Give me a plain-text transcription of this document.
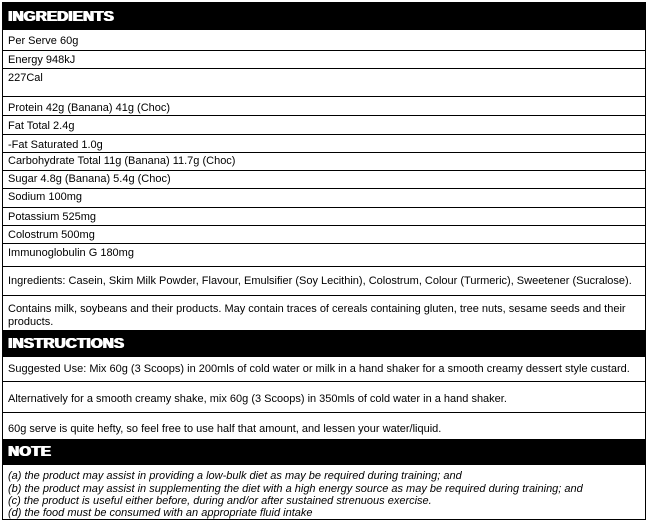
INGREDIENTS
Per Serve 60g
Energy 948kJ
227Cal
Protein 42g (Banana) 41g (Choc)
Fat Total 2.4g
-Fat Saturated 1.0g
Carbohydrate Total 11g (Banana) 11.7g (Choc)
Sugar 4.8g (Banana) 5.4g (Choc)
Sodium 100mg
Potassium 525mg
Colostrum 500mg
Immunoglobulin G 180mg
Ingredients: Casein, Skim Milk Powder, Flavour, Emulsifier (Soy Lecithin), Colostrum, Colour (Turmeric), Sweetener (Sucralose).
Contains milk, soybeans and their products. May contain traces of cereals containing gluten, tree nuts, sesame seeds and their products.
INSTRUCTIONS
Suggested Use: Mix 60g (3 Scoops) in 200mls of cold water or milk in a hand shaker for a smooth creamy dessert style custard.
Alternatively for a smooth creamy shake, mix 60g (3 Scoops) in 350mls of cold water in a hand shaker.
60g serve is quite hefty, so feel free to use half that amount, and lessen your water/liquid.
NOTE
(a) the product may assist in providing a low-bulk diet as may be required during training; and
(b) the product may assist in supplementing the diet with a high energy source as may be required during training; and
(c) the product is useful either before, during and/or after sustained strenuous exercise.
(d) the food must be consumed with an appropriate fluid intake
